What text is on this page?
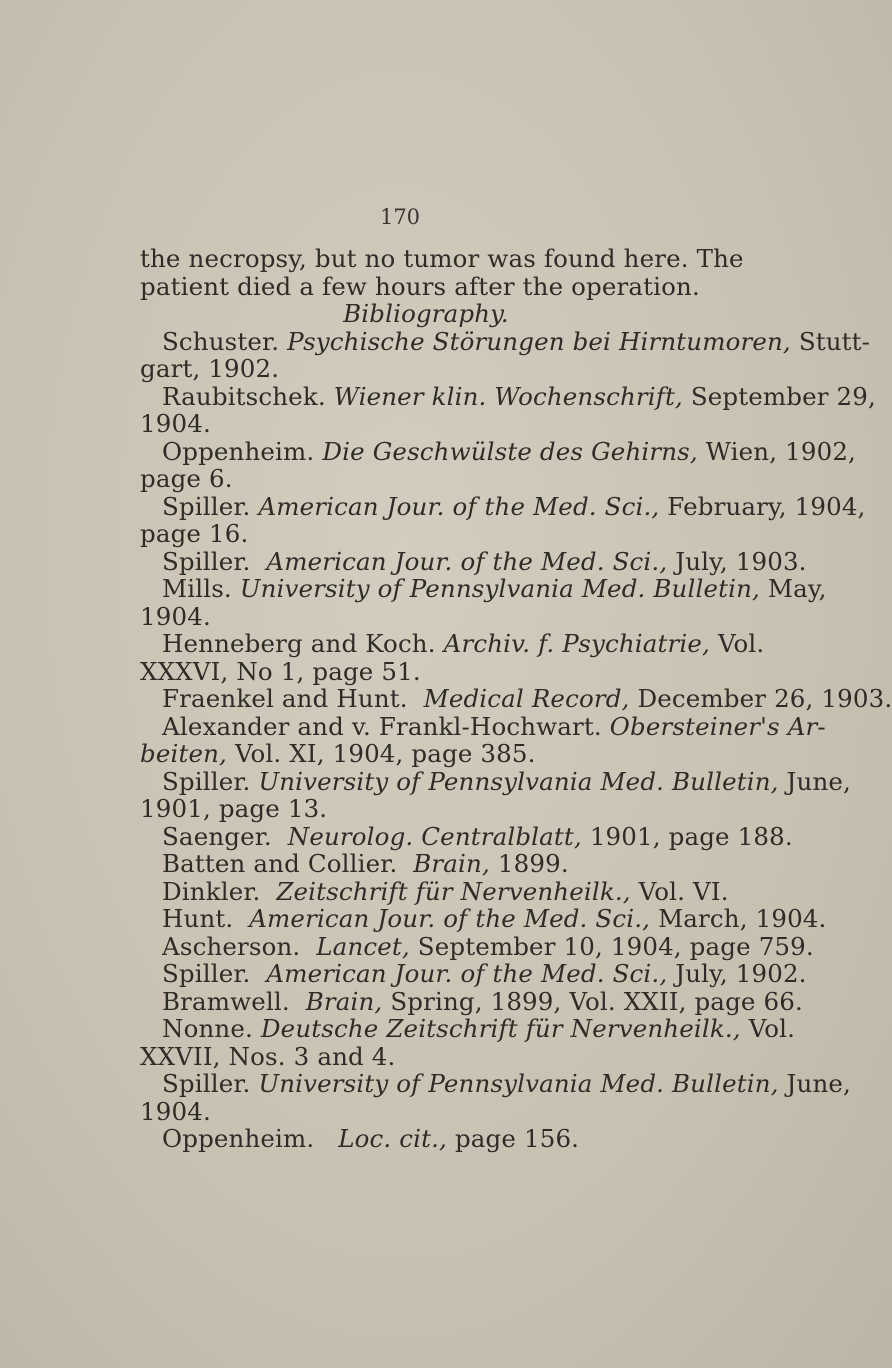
170
the necropsy, but no tumor was found here. The
patient died a few hours after the operation.
Bibliography.
Schuster. Psychische Störungen bei Hirntumoren, Stutt-
gart, 1902.
Raubitschek. Wiener klin. Wochenschrift, September 29,
1904.
Oppenheim. Die Geschwülste des Gehirns, Wien, 1902,
page 6.
Spiller. American Jour. of the Med. Sci., February, 1904,
page 16.
Spiller. American Jour. of the Med. Sci., July, 1903.
Mills. University of Pennsylvania Med. Bulletin, May,
1904.
Henneberg and Koch. Archiv. f. Psychiatrie, Vol.
XXXVI, No 1, page 51.
Fraenkel and Hunt. Medical Record, December 26, 1903.
Alexander and v. Frankl-Hochwart. Obersteiner's Ar-
beiten, Vol. XI, 1904, page 385.
Spiller. University of Pennsylvania Med. Bulletin, June,
1901, page 13.
Saenger. Neurolog. Centralblatt, 1901, page 188.
Batten and Collier. Brain, 1899.
Dinkler. Zeitschrift für Nervenheilk., Vol. VI.
Hunt. American Jour. of the Med. Sci., March, 1904.
Ascherson. Lancet, September 10, 1904, page 759.
Spiller. American Jour. of the Med. Sci., July, 1902.
Bramwell. Brain, Spring, 1899, Vol. XXII, page 66.
Nonne. Deutsche Zeitschrift für Nervenheilk., Vol.
XXVII, Nos. 3 and 4.
Spiller. University of Pennsylvania Med. Bulletin, June,
1904.
Oppenheim. Loc. cit., page 156.
